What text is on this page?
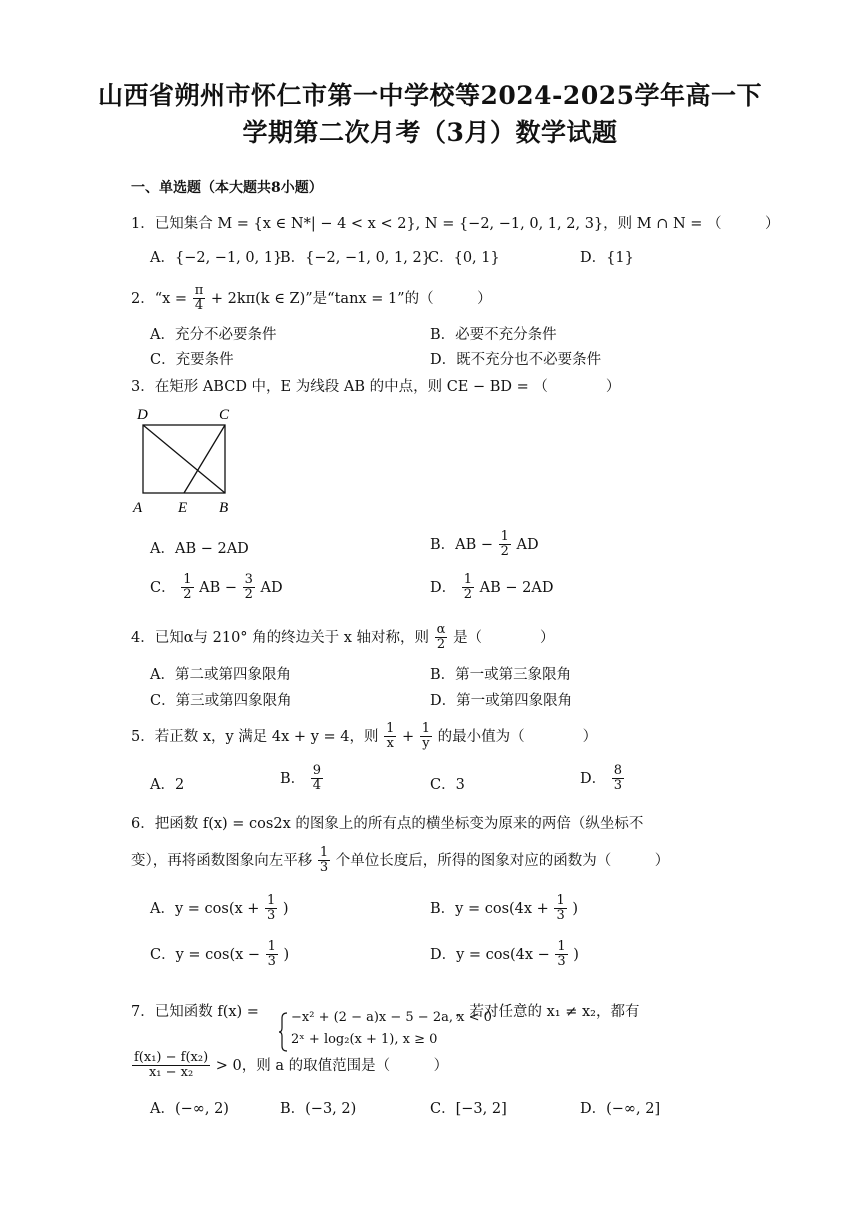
山西省朔州市怀仁市第一中学校等2024-2025学年高一下
学期第二次月考（3月）数学试题
一、单选题（本大题共8小题）
1．已知集合 M = {x ∈ N*| − 4 < x < 2}, N = {−2, −1, 0, 1, 2, 3}，则 M ∩ N = （　　　）
A．{−2, −1, 0, 1}
B．{−2, −1, 0, 1, 2}
C．{0, 1}	D．{1}
2．“$x = \frac{\pi}{4} + 2k\pi(k$ ∈ Z)”是“tanx = 1”的（　　　）
A．充分不必要条件	B．必要不充分条件
C．充要条件	D．既不充分也不必要条件
3．在矩形 ABCD 中，E 为线段 AB 的中点，则 CE − BD = （　　　　）
D	C
A E B
A．AB − 2AD	B．AB − $\frac{1}{2}$ AD
C． $\frac{1}{2}$ AB − $\frac{3}{2}$ AD	D． $\frac{1}{2}$ AB − 2AD
4．已知α与 210° 角的终边关于 x 轴对称，则 $\frac{\alpha}{2}$ 是（　　　　）
A．第二或第四象限角	B．第一或第三象限角
C．第三或第四象限角	D．第一或第四象限角
5．若正数 x，y 满足 4x + y = 4，则 $\frac{1}{x} + \frac{1}{y}$ 的最小值为（　　　　）
A．2	B． $\frac{9}{4}$	C．3	D． $\frac{8}{3}$
6．把函数 f(x) = cos2x 的图象上的所有点的横坐标变为原来的两倍（纵坐标不
变），再将函数图象向左平移 $\frac{1}{3}$ 个单位长度后，所得的图象对应的函数为（　　　）
A．$y = \cos(x + \frac{1}{3}$ )	B．$y = \cos(4x + \frac{1}{3}$ )
C．$y = \cos(x - \frac{1}{3}$ )	D．$y = \cos(4x - \frac{1}{3}$ )
7．已知函数 f(x) = −x² + (2 − a)x − 5 − 2a, x < 0
2ˣ + log₂(x + 1), x ≥ 0
，若对任意的 x₁ ≠ x₂，都有
$\frac{\text{f(x₁) − f(x₂)}}{\text{x₁ − x₂}} > 0$，则 a 的取值范围是（　　　）
A．(−∞, 2)	B．(−3, 2)	C．[−3, 2]	D．(−∞, 2]
